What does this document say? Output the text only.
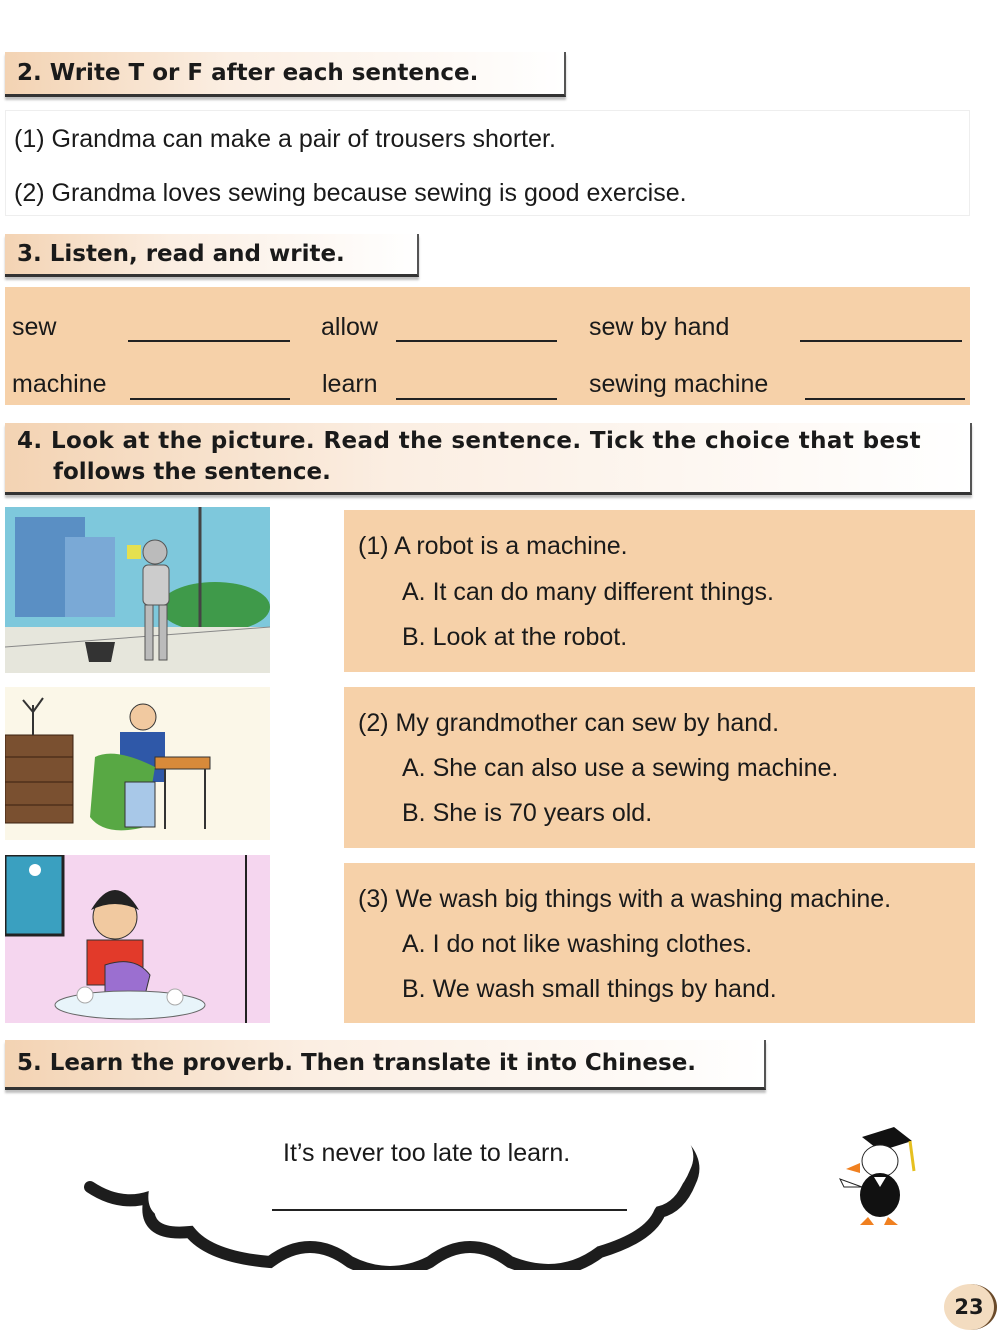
2. Write T or F after each sentence.
(1) Grandma can make a pair of trousers shorter.
(2) Grandma loves sewing because sewing is good exercise.
3. Listen, read and write.
sew	allow	sew by hand
machine	learn	sewing machine
4. Look at the picture. Read the sentence. Tick the choice that best
follows the sentence.
(1) A robot is a machine.
A. It can do many different things.
B. Look at the robot.
(2) My grandmother can sew by hand.
A. She can also use a sewing machine.
B. She is 70 years old.
(3) We wash big things with a washing machine.
A. I do not like washing clothes.
B. We wash small things by hand.
5. Learn the proverb. Then translate it into Chinese.
It’s never too late to learn.
23
